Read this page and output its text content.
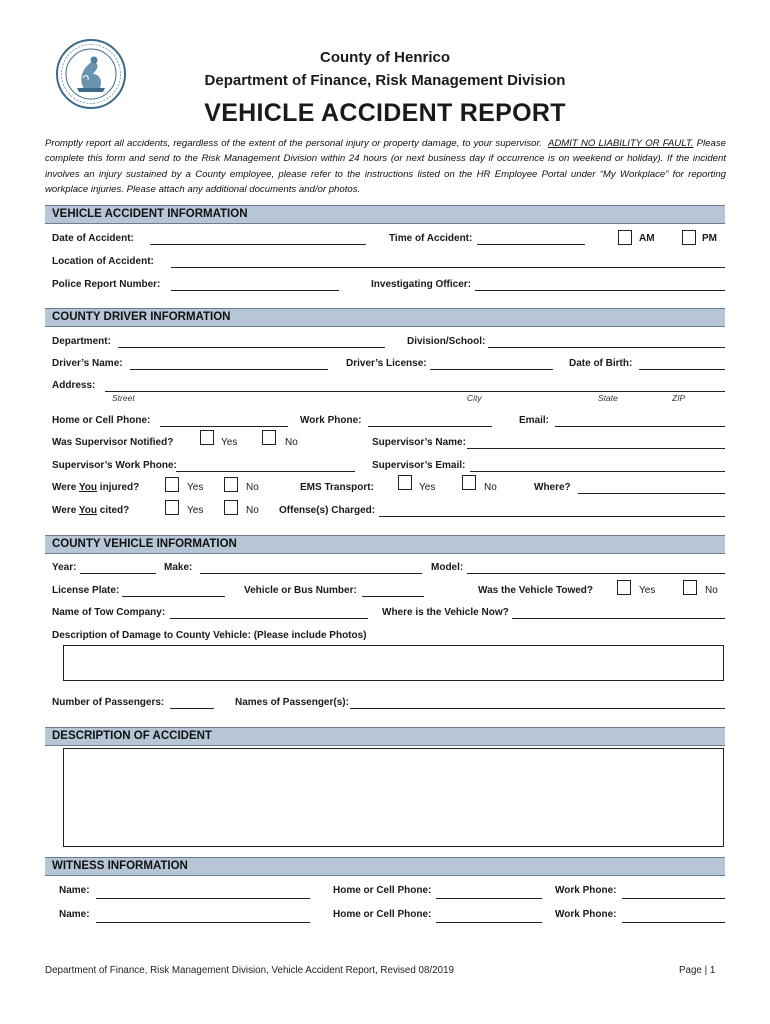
County of Henrico
Department of Finance, Risk Management Division
VEHICLE ACCIDENT REPORT
Promptly report all accidents, regardless of the extent of the personal injury or property damage, to your supervisor. ADMIT NO LIABILITY OR FAULT. Please complete this form and send to the Risk Management Division within 24 hours (or next business day if occurrence is on weekend or holiday). If the incident involves an injury sustained by a County employee, please refer to the instructions listed on the HR Employee Portal under “My Workplace” for reporting workplace injuries. Please attach any additional documents and/or photos.
VEHICLE ACCIDENT INFORMATION
Date of Accident:	Time of Accident:	AM	PM
Location of Accident:
Police Report Number:	Investigating Officer:
COUNTY DRIVER INFORMATION
Department:	Division/School:
Driver’s Name:	Driver’s License:	Date of Birth:
Address:
Street	City	State	ZIP
Home or Cell Phone:	Work Phone:	Email:
Was Supervisor Notified?	Yes	No	Supervisor’s Name:
Supervisor’s Work Phone:	Supervisor’s Email:
Were You injured?	Yes	No	EMS Transport:	Yes	No	Where?
Were You cited?	Yes	No Offense(s) Charged:
COUNTY VEHICLE INFORMATION
Year:	Make:	Model:
License Plate:	Vehicle or Bus Number:	Was the Vehicle Towed?	Yes	No
Name of Tow Company:	Where is the Vehicle Now?
Description of Damage to County Vehicle: (Please include Photos)
Number of Passengers:	Names of Passenger(s):
DESCRIPTION OF ACCIDENT
WITNESS INFORMATION
Name:	Home or Cell Phone:	Work Phone:
Name:	Home or Cell Phone:	Work Phone:
Department of Finance, Risk Management Division, Vehicle Accident Report, Revised 08/2019	Page | 1
